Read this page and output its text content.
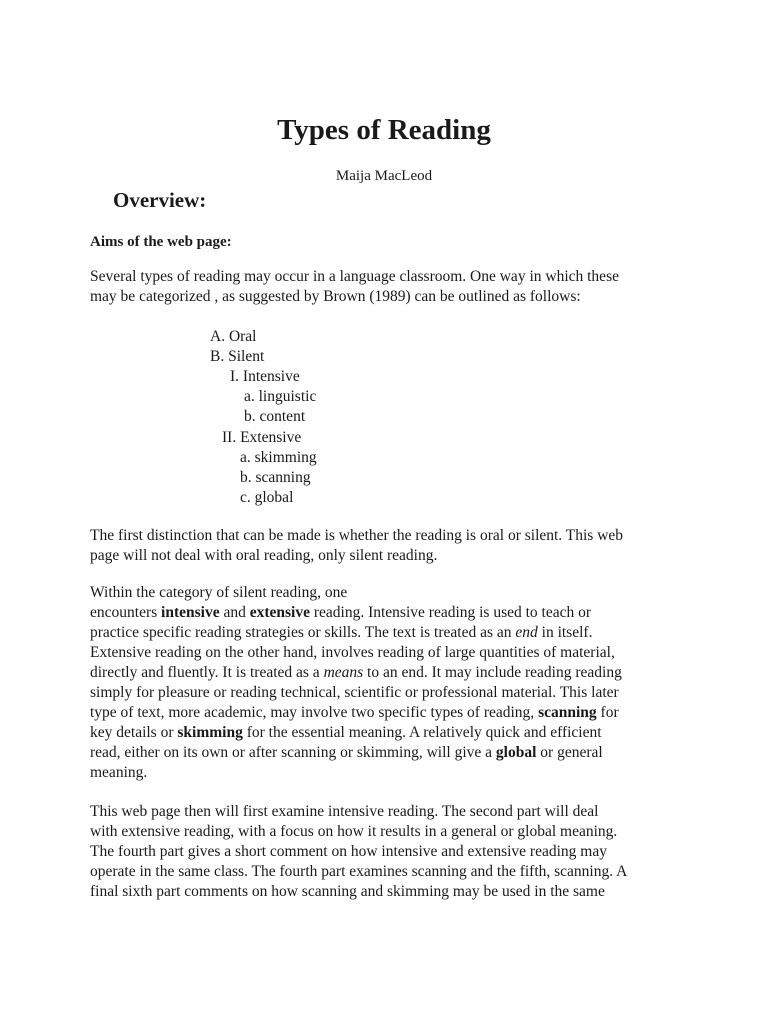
Types of Reading
Maija MacLeod
Overview:
Aims of the web page:

Several types of reading may occur in a language classroom. One way in which these
may be categorized , as suggested by Brown (1989) can be outlined as follows:

A. Oral
B. Silent
I. Intensive
a. linguistic
b. content
II. Extensive
a. skimming
b. scanning
c. global

The first distinction that can be made is whether the reading is oral or silent. This web
page will not deal with oral reading, only silent reading.

Within the category of silent reading, one
encounters intensive and extensive reading. Intensive reading is used to teach or
practice specific reading strategies or skills. The text is treated as an end in itself.
Extensive reading on the other hand, involves reading of large quantities of material,
directly and fluently. It is treated as a means to an end. It may include reading reading
simply for pleasure or reading technical, scientific or professional material. This later
type of text, more academic, may involve two specific types of reading, scanning for
key details or skimming for the essential meaning. A relatively quick and efficient
read, either on its own or after scanning or skimming, will give a global or general
meaning.

This web page then will first examine intensive reading. The second part will deal
with extensive reading, with a focus on how it results in a general or global meaning.
The fourth part gives a short comment on how intensive and extensive reading may
operate in the same class. The fourth part examines scanning and the fifth, scanning. A
final sixth part comments on how scanning and skimming may be used in the same
